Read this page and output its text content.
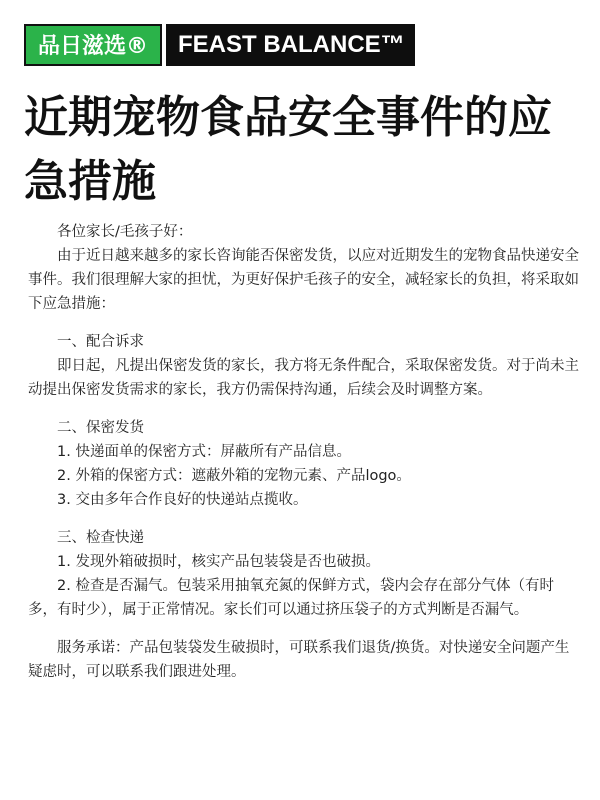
品日滋选®	FEAST BALANCE™
近期宠物食品安全事件的应急措施

各位家长/毛孩子好：

由于近日越来越多的家长咨询能否保密发货，以应对近期发生的宠物食品快递安全事件。我们很理解大家的担忧，为更好保护毛孩子的安全，减轻家长的负担，将采取如下应急措施：

一、配合诉求

即日起，凡提出保密发货的家长，我方将无条件配合，采取保密发货。对于尚未主动提出保密发货需求的家长，我方仍需保持沟通，后续会及时调整方案。

二、保密发货

1. 快递面单的保密方式：屏蔽所有产品信息。

2. 外箱的保密方式：遮蔽外箱的宠物元素、产品logo。

3. 交由多年合作良好的快递站点揽收。

三、检查快递

1. 发现外箱破损时，核实产品包装袋是否也破损。

2. 检查是否漏气。包装采用抽氧充氮的保鲜方式，袋内会存在部分气体（有时多，有时少），属于正常情况。家长们可以通过挤压袋子的方式判断是否漏气。

服务承诺：产品包装袋发生破损时，可联系我们退货/换货。对快递安全问题产生疑虑时，可以联系我们跟进处理。
